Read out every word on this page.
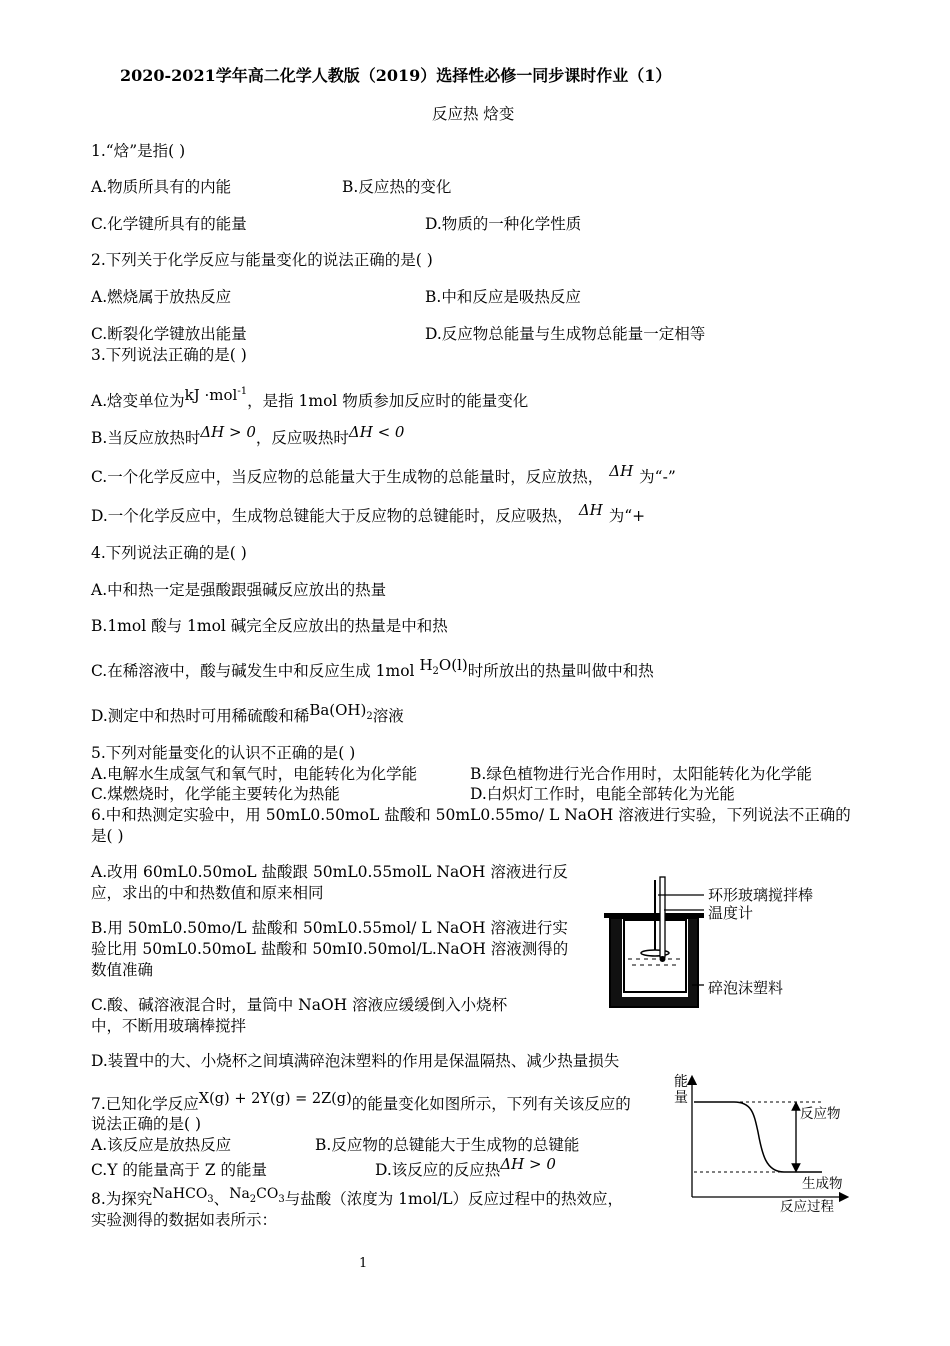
2020-2021学年高二化学人教版（2019）选择性必修一同步课时作业（1）
反应热 焓变
1.“焓”是指( )
A.物质所具有的内能	B.反应热的变化
C.化学键所具有的能量	D.物质的一种化学性质
2.下列关于化学反应与能量变化的说法正确的是( )
A.燃烧属于放热反应	B.中和反应是吸热反应
C.断裂化学键放出能量	D.反应物总能量与生成物总能量一定相等
3.下列说法正确的是( )
A.焓变单位为kJ ·mol$^{-1}$，是指 1mol 物质参加反应时的能量变化
B.当反应放热时ΔH > 0，反应吸热时ΔH < 0
C.一个化学反应中，当反应物的总能量大于生成物的总能量时，反应放热， ΔH 为“-”
D.一个化学反应中，生成物总键能大于反应物的总键能时，反应吸热， ΔH 为“+
4.下列说法正确的是( )
A.中和热一定是强酸跟强碱反应放出的热量
B.1mol 酸与 1mol 碱完全反应放出的热量是中和热
C.在稀溶液中，酸与碱发生中和反应生成 1mol $H_2O(l)$时所放出的热量叫做中和热
D.测定中和热时可用稀硫酸和稀$Ba(OH)_2$溶液
5.下列对能量变化的认识不正确的是( )
A.电解水生成氢气和氧气时，电能转化为化学能	B.绿色植物进行光合作用时，太阳能转化为化学能
C.煤燃烧时，化学能主要转化为热能	D.白炽灯工作时，电能全部转化为光能
6.中和热测定实验中，用 50mL0.50moL 盐酸和 50mL0.55mo/ L NaOH 溶液进行实验，下列说法不正确的
是( )
A.改用 60mL0.50moL 盐酸跟 50mL0.55molL NaOH 溶液进行反
应，求出的中和热数值和原来相同
B.用 50mL0.50mo/L 盐酸和 50mL0.55mol/ L NaOH 溶液进行实
验比用 50mL0.50moL 盐酸和 50mI0.50mol/L.NaOH 溶液测得的
数值准确
C.酸、碱溶液混合时，量筒中 NaOH 溶液应缓缓倒入小烧杯
中，不断用玻璃棒搅拌
D.装置中的大、小烧杯之间填满碎泡沫塑料的作用是保温隔热、减少热量损失
环形玻璃搅拌棒
温度计
碎泡沫塑料
7.已知化学反应X(g) + 2Y(g) = 2Z(g)的能量变化如图所示，下列有关该反应的
说法正确的是( )
A.该反应是放热反应	B.反应物的总键能大于生成物的总键能
C.Y 的能量高于 Z 的能量	D.该反应的反应热ΔH > 0
能
量
反应物
生成物
反应过程
8.为探究NaHCO$_3$、$Na_2CO_3$与盐酸（浓度为 1mol/L）反应过程中的热效应，
实验测得的数据如表所示：
1
